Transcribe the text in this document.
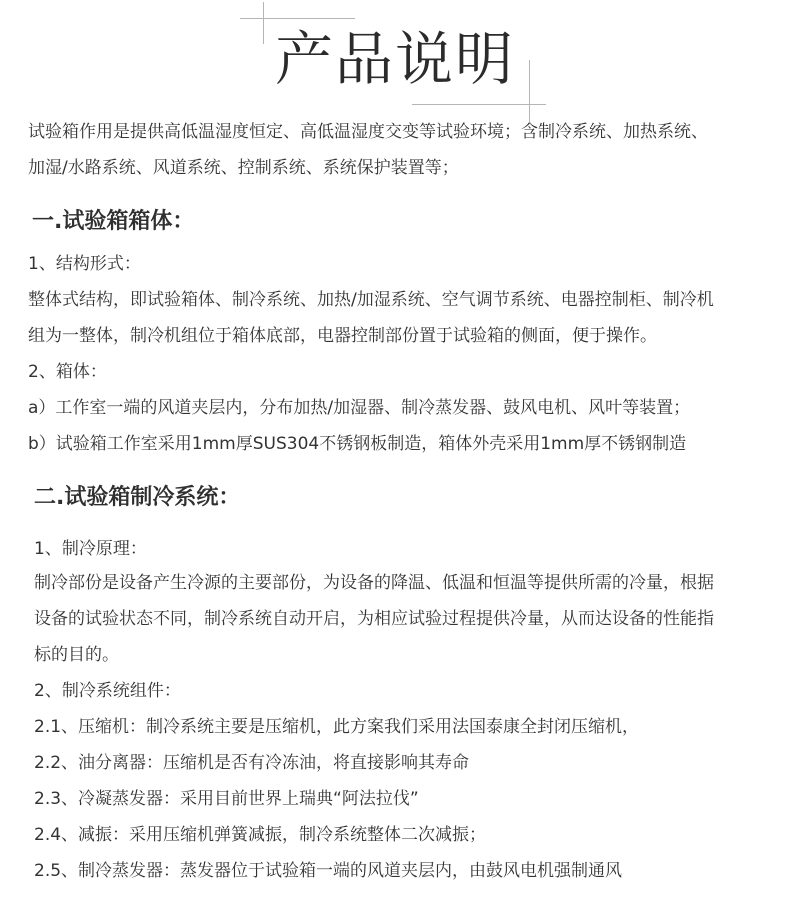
产品说明

试验箱作用是提供高低温湿度恒定、高低温湿度交变等试验环境；含制冷系统、加热系统、

加湿/水路系统、风道系统、控制系统、系统保护装置等；

一.试验箱箱体：

1、结构形式：

整体式结构，即试验箱体、制冷系统、加热/加湿系统、空气调节系统、电器控制柜、制冷机

组为一整体，制冷机组位于箱体底部，电器控制部份置于试验箱的侧面，便于操作。

2、箱体：

a）工作室一端的风道夹层内，分布加热/加湿器、制冷蒸发器、鼓风电机、风叶等装置；

b）试验箱工作室采用1mm厚SUS304不锈钢板制造，箱体外壳采用1mm厚不锈钢制造

二.试验箱制冷系统：

1、制冷原理：

制冷部份是设备产生冷源的主要部份，为设备的降温、低温和恒温等提供所需的冷量，根据

设备的试验状态不同，制冷系统自动开启，为相应试验过程提供冷量，从而达设备的性能指

标的目的。

2、制冷系统组件：

2.1、压缩机：制冷系统主要是压缩机，此方案我们采用法国泰康全封闭压缩机，

2.2、油分离器：压缩机是否有冷冻油，将直接影响其寿命

2.3、冷凝蒸发器：采用目前世界上瑞典“阿法拉伐”

2.4、减振：采用压缩机弹簧减振，制冷系统整体二次减振；

2.5、制冷蒸发器：蒸发器位于试验箱一端的风道夹层内，由鼓风电机强制通风
